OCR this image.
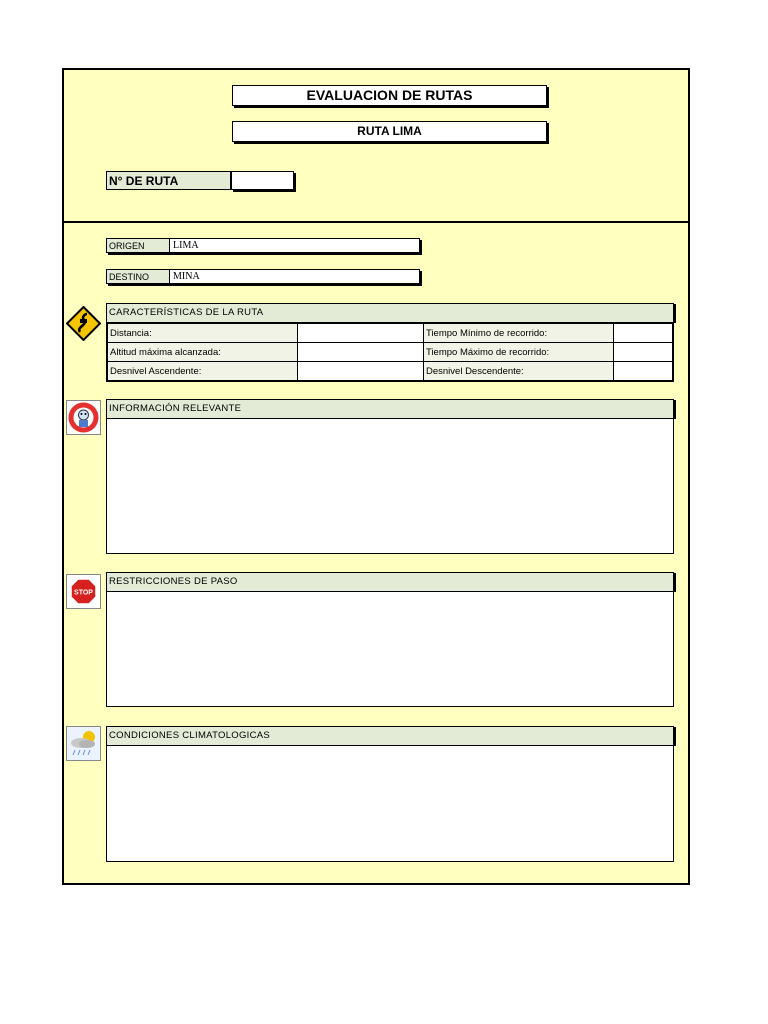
EVALUACION DE RUTAS
RUTA LIMA
N° DE RUTA
ORIGEN	LIMA
DESTINO	MINA
CARACTERÍSTICAS DE LA RUTA
Distancia:		Tiempo Mínimo de recorrido:	
Altitud máxima alcanzada:		Tiempo Máximo de recorrido:	
Desnivel Ascendente:		Desnivel Descendente:	
INFORMACIÓN RELEVANTE
STOP
RESTRICCIONES DE PASO
CONDICIONES CLIMATOLOGICAS
